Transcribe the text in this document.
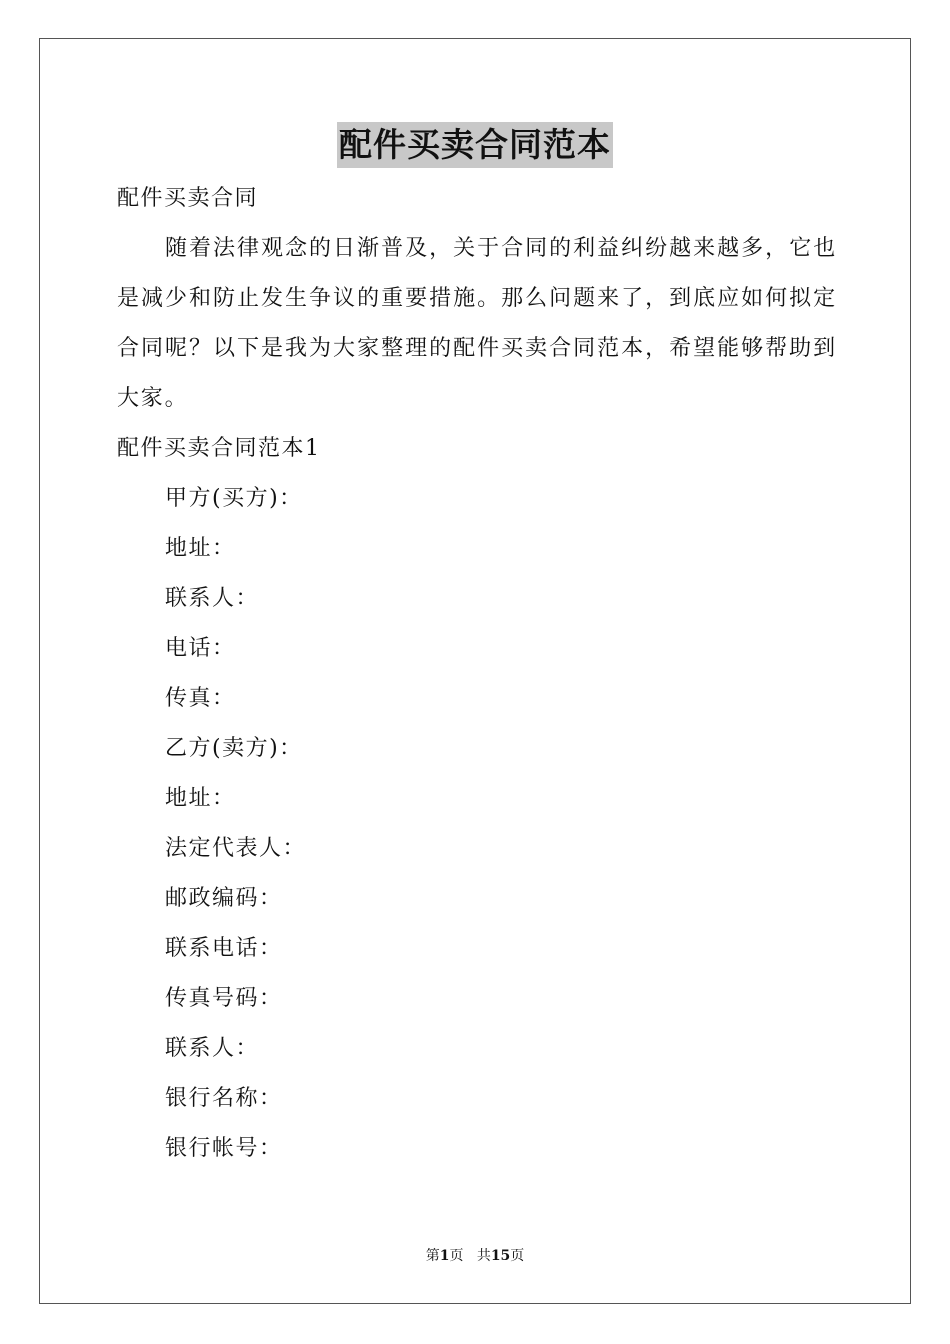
配件买卖合同范本
配件买卖合同
随着法律观念的日渐普及，关于合同的利益纠纷越来越多，它也是减少和防止发生争议的重要措施。那么问题来了，到底应如何拟定合同呢？以下是我为大家整理的配件买卖合同范本，希望能够帮助到大家。
配件买卖合同范本1
甲方(买方)：
地址：
联系人：
电话：
传真：
乙方(卖方)：
地址：
法定代表人：
邮政编码：
联系电话：
传真号码：
联系人：
银行名称：
银行帐号：
第1页 共15页
